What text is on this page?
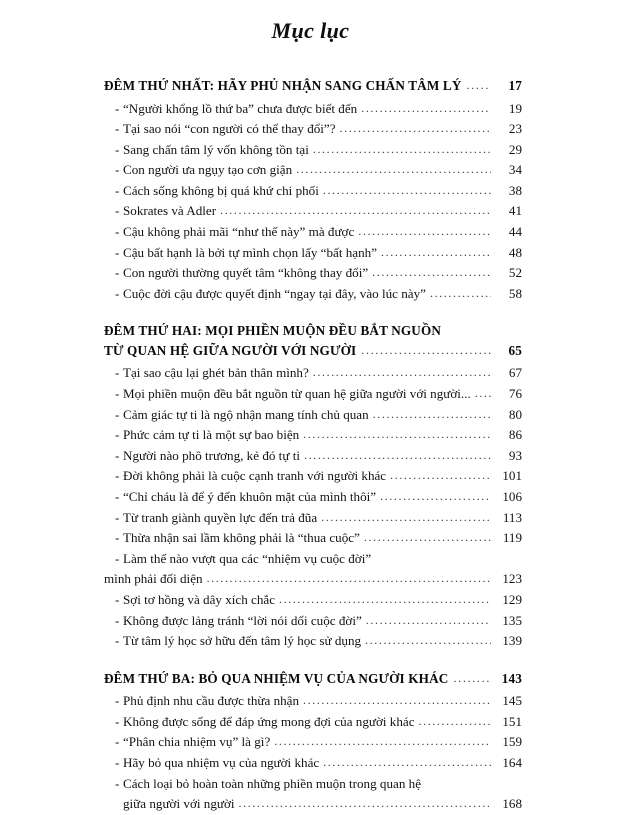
Mục lục
ĐÊM THỨ NHẤT: HÃY PHỦ NHẬN SANG CHẤN TÂM LÝ .....	17
- “Người khổng lồ thứ ba” chưa được biết đến .....	19
- Tại sao nói “con người có thể thay đổi”? .....	23
- Sang chấn tâm lý vốn không tồn tại .....	29
- Con người ưa ngụy tạo cơn giận .....	34
- Cách sống không bị quá khứ chi phối .....	38
- Sokrates và Adler .....	41
- Cậu không phải mãi “như thế này” mà được .....	44
- Cậu bất hạnh là bởi tự mình chọn lấy “bất hạnh” .....	48
- Con người thường quyết tâm “không thay đổi” .....	52
- Cuộc đời cậu được quyết định “ngay tại đây, vào lúc này” .....	58
ĐÊM THỨ HAI: MỌI PHIỀN MUỘN ĐỀU BẮT NGUỒN
TỪ QUAN HỆ GIỮA NGƯỜI VỚI NGƯỜI .....	65
- Tại sao cậu lại ghét bản thân mình? .....	67
- Mọi phiền muộn đều bắt nguồn từ quan hệ giữa người với người... .....	76
- Cảm giác tự ti là ngộ nhận mang tính chủ quan .....	80
- Phức cảm tự ti là một sự bao biện .....	86
- Người nào phô trương, kẻ đó tự ti .....	93
- Đời không phải là cuộc cạnh tranh với người khác .....	101
- “Chỉ cháu là để ý đến khuôn mặt của mình thôi” .....	106
- Từ tranh giành quyền lực đến trả đũa .....	113
- Thừa nhận sai lầm không phải là “thua cuộc” .....	119
- Làm thế nào vượt qua các “nhiệm vụ cuộc đời”
mình phải đối diện .....	123
- Sợi tơ hồng và dây xích chắc .....	129
- Không được lảng tránh “lời nói dối cuộc đời” .....	135
- Từ tâm lý học sở hữu đến tâm lý học sử dụng .....	139
ĐÊM THỨ BA: BỎ QUA NHIỆM VỤ CỦA NGƯỜI KHÁC .....	143
- Phủ định nhu cầu được thừa nhận .....	145
- Không được sống để đáp ứng mong đợi của người khác .....	151
- “Phân chia nhiệm vụ” là gì? .....	159
- Hãy bỏ qua nhiệm vụ của người khác .....	164
- Cách loại bỏ hoàn toàn những phiền muộn trong quan hệ
giữa người với người .....	168
